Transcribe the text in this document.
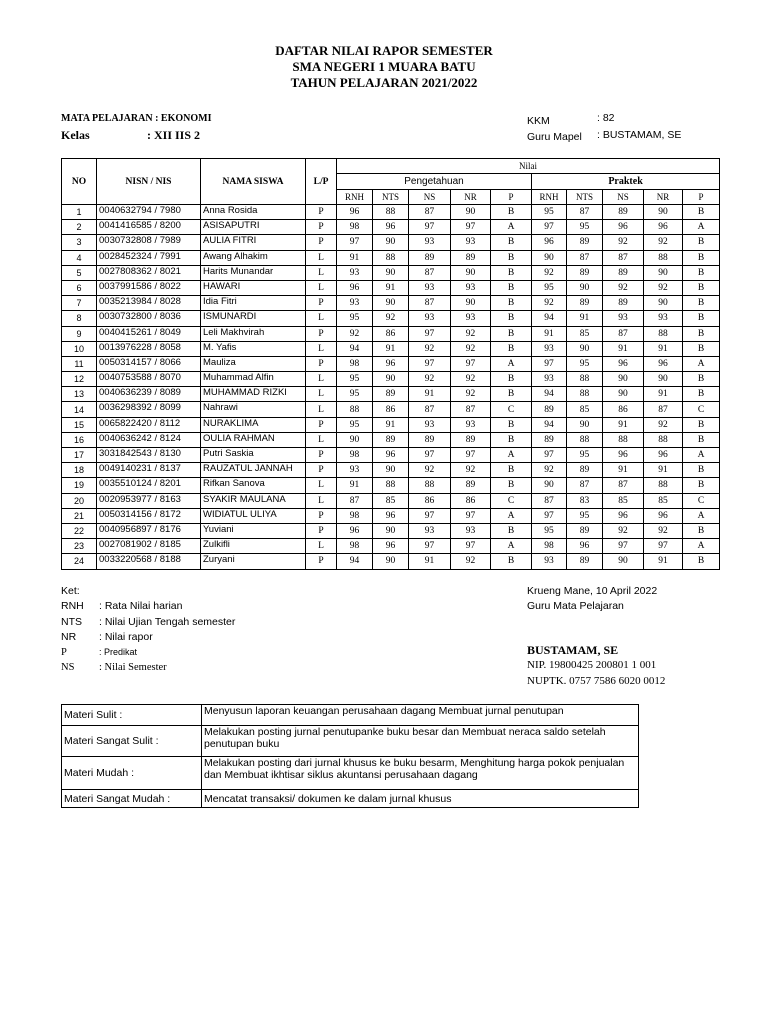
DAFTAR NILAI RAPOR SEMESTER
SMA NEGERI 1 MUARA BATU
TAHUN PELAJARAN 2021/2022
MATA PELAJARAN : EKONOMI
Kelas	: XII IIS 2
KKM	: 82
Guru Mapel : BUSTAMAM, SE
NO	NISN / NIS	NAMA SISWA	L/P	Nilai									
				Pengetahuan					Praktek				
				RNH	NTS	NS	NR	P	RNH	NTS	NS	NR	P
1	0040632794 / 7980	Anna Rosida	P	96	88	87	90	B	95	87	89	90	B
2	0041416585 / 8200	ASISAPUTRI	P	98	96	97	97	A	97	95	96	96	A
3	0030732808 / 7989	AULIA FITRI	P	97	90	93	93	B	96	89	92	92	B
4	0028452324 / 7991	Awang Alhakim	L	91	88	89	89	B	90	87	87	88	B
5	0027808362 / 8021	Harits Munandar	L	93	90	87	90	B	92	89	89	90	B
6	0037991586 / 8022	HAWARI	L	96	91	93	93	B	95	90	92	92	B
7	0035213984 / 8028	Idia Fitri	P	93	90	87	90	B	92	89	89	90	B
8	0030732800 / 8036	ISMUNARDI	L	95	92	93	93	B	94	91	93	93	B
9	0040415261 / 8049	Leli Makhvirah	P	92	86	97	92	B	91	85	87	88	B
10	0013976228 / 8058	M. Yafis	L	94	91	92	92	B	93	90	91	91	B
11	0050314157 / 8066	Mauliza	P	98	96	97	97	A	97	95	96	96	A
12	0040753588 / 8070	Muhammad Alfin	L	95	90	92	92	B	93	88	90	90	B
13	0040636239 / 8089	MUHAMMAD RIZKI	L	95	89	91	92	B	94	88	90	91	B
14	0036298392 / 8099	Nahrawi	L	88	86	87	87	C	89	85	86	87	C
15	0065822420 / 8112	NURAKLIMA	P	95	91	93	93	B	94	90	91	92	B
16	0040636242 / 8124	OULIA RAHMAN	L	90	89	89	89	B	89	88	88	88	B
17	3031842543 / 8130	Putri Saskia	P	98	96	97	97	A	97	95	96	96	A
18	0049140231 / 8137	RAUZATUL JANNAH	P	93	90	92	92	B	92	89	91	91	B
19	0035510124 / 8201	Rifkan Sanova	L	91	88	88	89	B	90	87	87	88	B
20	0020953977 / 8163	SYAKIR MAULANA	L	87	85	86	86	C	87	83	85	85	C
21	0050314156 / 8172	WIDIATUL ULIYA	P	98	96	97	97	A	97	95	96	96	A
22	0040956897 / 8176	Yuviani	P	96	90	93	93	B	95	89	92	92	B
23	0027081902 / 8185	Zulkifli	L	98	96	97	97	A	98	96	97	97	A
24	0033220568 / 8188	Zuryani	P	94	90	91	92	B	93	89	90	91	B
Ket:
RNH : Rata Nilai harian
NTS : Nilai Ujian Tengah semester
NR : Nilai rapor
P	: Predikat
NS : Nilai Semester
Krueng Mane, 10 April 2022
Guru Mata Pelajaran
BUSTAMAM, SE
NIP. 19800425 200801 1 001
NUPTK. 0757 7586 6020 0012
Materi Sulit :	Menyusun laporan keuangan perusahaan dagang Membuat jurnal penutupan
Materi Sangat Sulit :	Melakukan posting jurnal penutupanke buku besar dan Membuat neraca saldo setelah penutupan buku
Materi Mudah :	Melakukan posting dari jurnal khusus ke buku besarm, Menghitung harga pokok penjualan dan Membuat ikhtisar siklus akuntansi perusahaan dagang
Materi Sangat Mudah :	Mencatat transaksi/ dokumen ke dalam jurnal khusus
